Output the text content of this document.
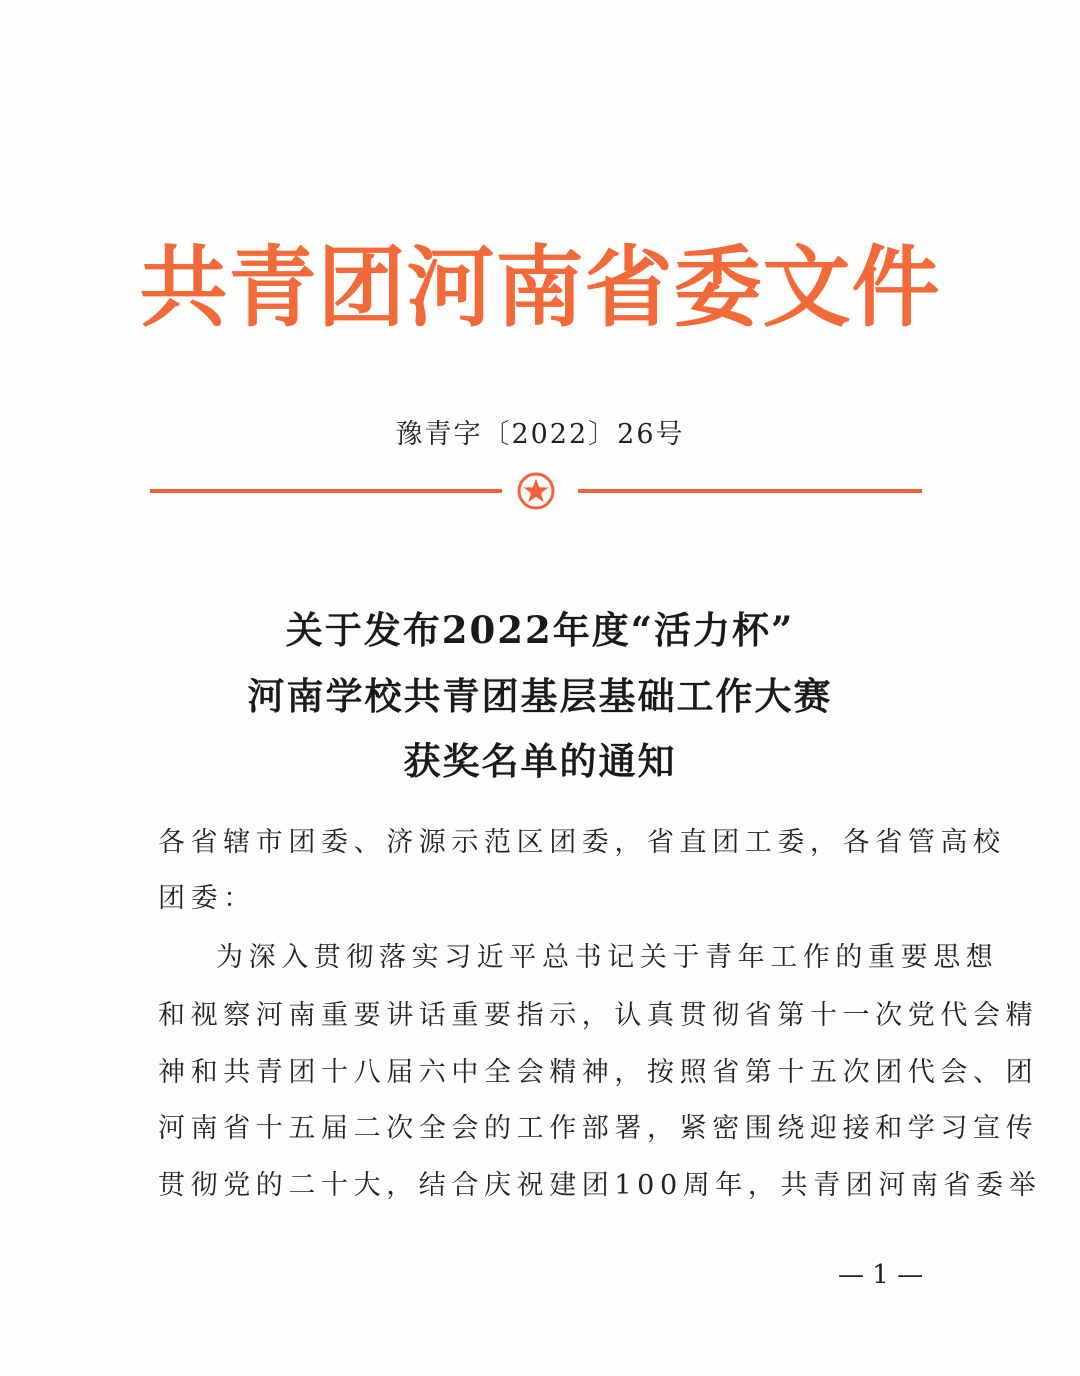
共青团河南省委文件
豫青字〔2022〕26号
关于发布2022年度“活力杯”
河南学校共青团基层基础工作大赛
获奖名单的通知
各省辖市团委、济源示范区团委，省直团工委，各省管高校
团委：
为深入贯彻落实习近平总书记关于青年工作的重要思想
和视察河南重要讲话重要指示，认真贯彻省第十一次党代会精
神和共青团十八届六中全会精神，按照省第十五次团代会、团
河南省十五届二次全会的工作部署，紧密围绕迎接和学习宣传
贯彻党的二十大，结合庆祝建团100周年，共青团河南省委举
— 1 —
